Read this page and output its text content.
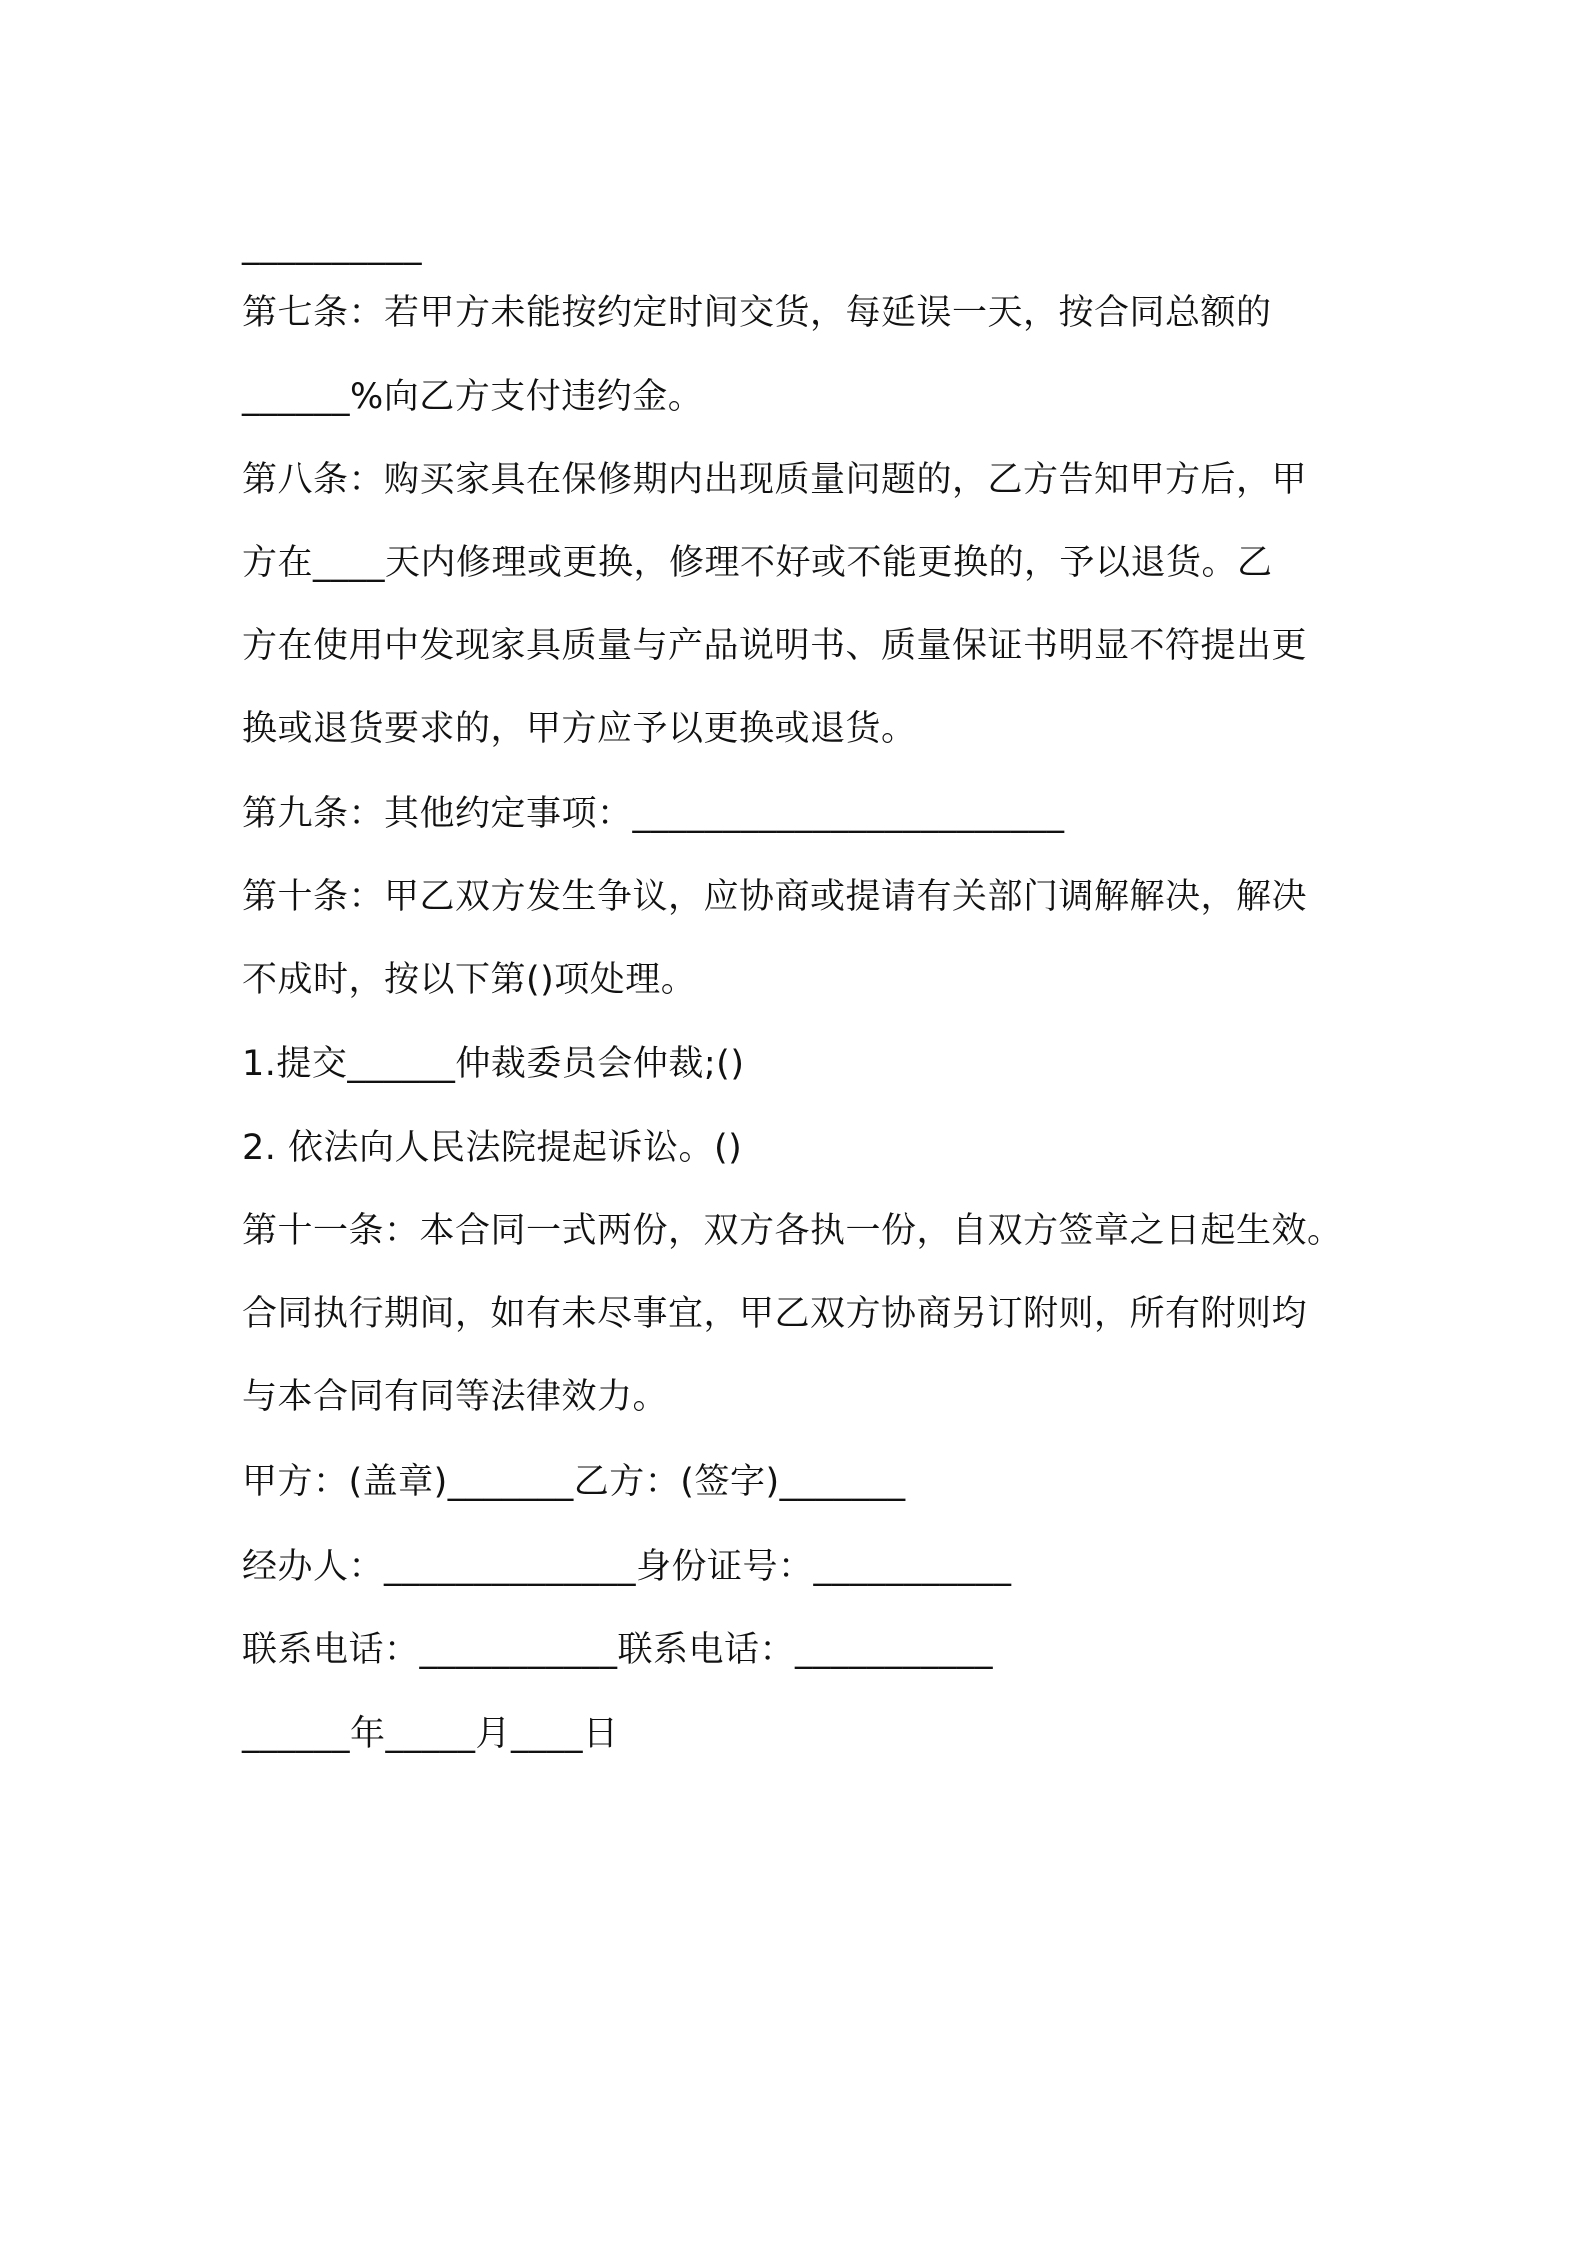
__________
第七条：若甲方未能按约定时间交货，每延误一天，按合同总额的
______%向乙方支付违约金。
第八条：购买家具在保修期内出现质量问题的，乙方告知甲方后，甲
方在____天内修理或更换，修理不好或不能更换的，予以退货。乙
方在使用中发现家具质量与产品说明书、质量保证书明显不符提出更
换或退货要求的，甲方应予以更换或退货。
第九条：其他约定事项：________________________
第十条：甲乙双方发生争议，应协商或提请有关部门调解解决，解决
不成时，按以下第()项处理。
1.提交______仲裁委员会仲裁;()
2. 依法向人民法院提起诉讼。()
第十一条：本合同一式两份，双方各执一份，自双方签章之日起生效。
合同执行期间，如有未尽事宜，甲乙双方协商另订附则，所有附则均
与本合同有同等法律效力。
甲方：(盖章)_______乙方：(签字)_______
经办人：______________身份证号：___________
联系电话：___________联系电话：___________
______年_____月____日
